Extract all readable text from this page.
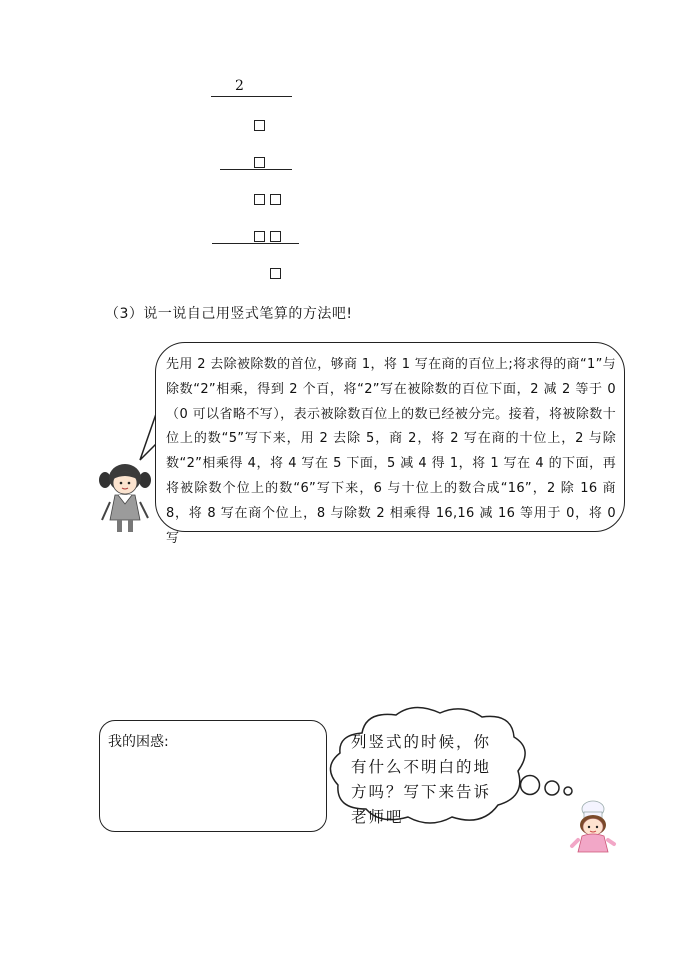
2
（3）说一说自己用竖式笔算的方法吧!
先用 2 去除被除数的首位，够商 1，将 1 写在商的百位上;将求得的商“1”与除数“2”相乘，得到 2 个百，将“2”写在被除数的百位下面，2 减 2 等于 0（0 可以省略不写），表示被除数百位上的数已经被分完。接着，将被除数十位上的数“5”写下来，用 2 去除 5，商 2，将 2 写在商的十位上，2 与除数“2”相乘得 4，将 4 写在 5 下面，5 减 4 得 1，将 1 写在 4 的下面，再将被除数个位上的数“6”写下来，6 与十位上的数合成“16”，2 除 16 商 8，将 8 写在商个位上，8 与除数 2 相乘得 16,16 减 16 等用于 0，将 0 写
我的困惑:	列竖式的时候，你有什么不明白的地方吗？写下来告诉老师吧
